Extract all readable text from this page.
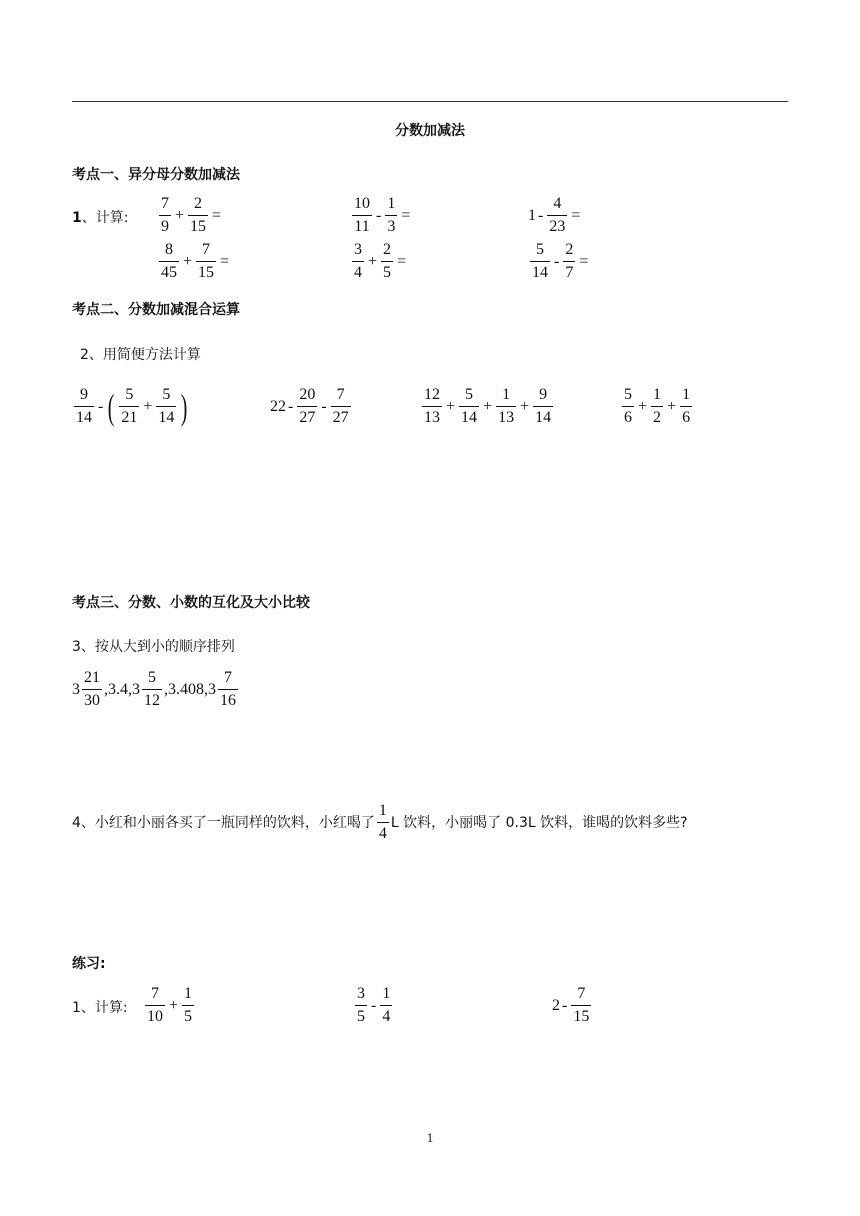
分数加减法
考点一、异分母分数加减法
1、计算: $\frac{7}{9} + \frac{2}{15}$ =	$\frac{10}{11} - \frac{1}{3}$ =	$1 - \frac{4}{23}$ =
$\frac{8}{45} + \frac{7}{15}$ =	$\frac{3}{4} + \frac{2}{5}$ =	$\frac{5}{14} - \frac{2}{7}$ =
考点二、分数加减混合运算
2、用简便方法计算
$\frac{9}{14}$ - ( $\frac{5}{21} + \frac{5}{14}$ )	$22 - \frac{20}{27} - \frac{7}{27}$	$\frac{12}{13} + \frac{5}{14} + \frac{1}{13} + \frac{9}{14}$	$\frac{5}{6} + \frac{1}{2} + \frac{1}{6}$
考点三、分数、小数的互化及大小比较
3、按从大到小的顺序排列
$3 \frac{21}{30} ,3.4,3 \frac{5}{12} ,3.408,3 \frac{7}{16}$
4、小红和小丽各买了一瓶同样的饮料，小红喝了 $\frac{1}{4}$ L 饮料，小丽喝了 0.3L 饮料，谁喝的饮料多些?
练习:
1、计算: $\frac{7}{10} + \frac{1}{5}$	$\frac{3}{5} - \frac{1}{4}$	$2 - \frac{7}{15}$
1
